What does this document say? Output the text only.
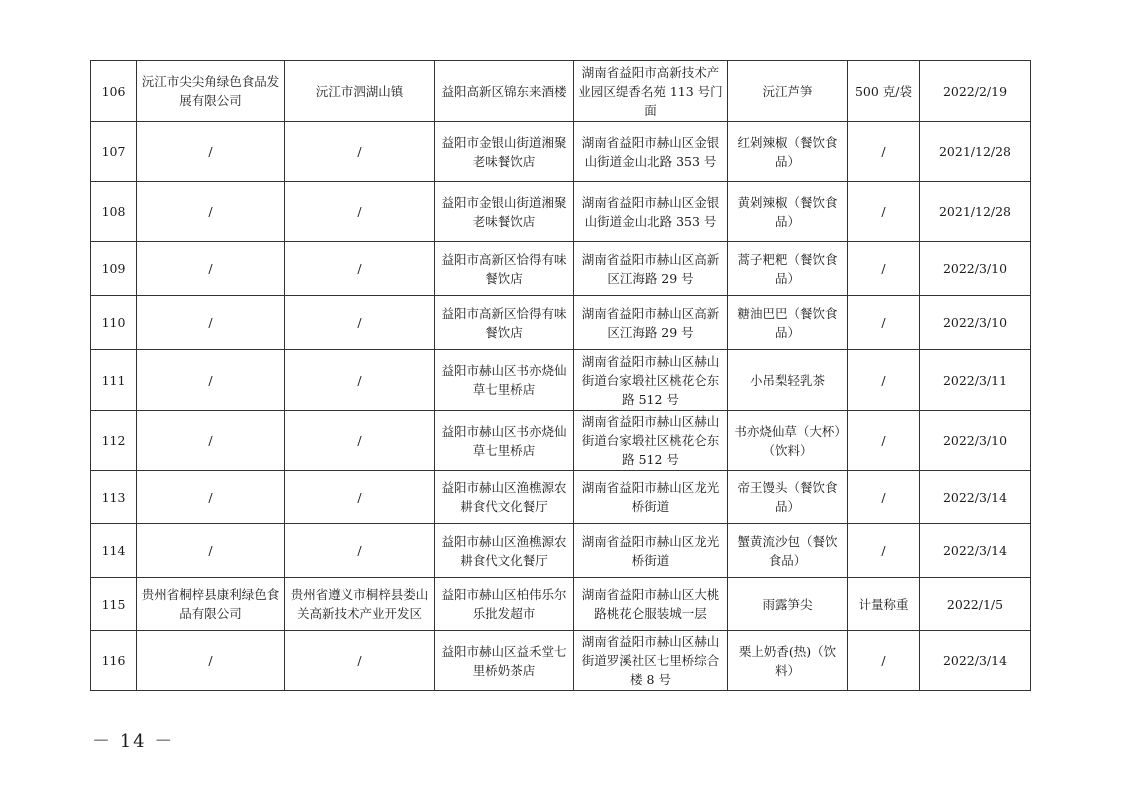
106	沅江市尖尖角绿色食品发展有限公司	沅江市泗湖山镇	益阳高新区锦东来酒楼	湖南省益阳市高新技术产业园区缇香名苑 113 号门面	沅江芦笋	500 克/袋	2022/2/19
107	/	/	益阳市金银山街道湘聚老味餐饮店	湖南省益阳市赫山区金银山街道金山北路 353 号	红剁辣椒（餐饮食品）	/	2021/12/28
108	/	/	益阳市金银山街道湘聚老味餐饮店	湖南省益阳市赫山区金银山街道金山北路 353 号	黄剁辣椒（餐饮食品）	/	2021/12/28
109	/	/	益阳市高新区恰得有味餐饮店	湖南省益阳市赫山区高新区江海路 29 号	蒿子粑粑（餐饮食品）	/	2022/3/10
110	/	/	益阳市高新区恰得有味餐饮店	湖南省益阳市赫山区高新区江海路 29 号	糖油巴巴（餐饮食品）	/	2022/3/10
111	/	/	益阳市赫山区书亦烧仙草七里桥店	湖南省益阳市赫山区赫山街道台家塅社区桃花仑东路 512 号	小吊梨轻乳茶	/	2022/3/11
112	/	/	益阳市赫山区书亦烧仙草七里桥店	湖南省益阳市赫山区赫山街道台家塅社区桃花仑东路 512 号	书亦烧仙草（大杯）（饮料）	/	2022/3/10
113	/	/	益阳市赫山区渔樵源农耕食代文化餐厅	湖南省益阳市赫山区龙光桥街道	帝王馒头（餐饮食品）	/	2022/3/14
114	/	/	益阳市赫山区渔樵源农耕食代文化餐厅	湖南省益阳市赫山区龙光桥街道	蟹黄流沙包（餐饮食品）	/	2022/3/14
115	贵州省桐梓县康利绿色食品有限公司	贵州省遵义市桐梓县娄山关高新技术产业开发区	益阳市赫山区柏伟乐尔乐批发超市	湖南省益阳市赫山区大桃路桃花仑服装城一层	雨露笋尖	计量称重	2022/1/5
116	/	/	益阳市赫山区益禾堂七里桥奶茶店	湖南省益阳市赫山区赫山街道罗溪社区七里桥综合楼 8 号	栗上奶香(热)（饮料）	/	2022/3/14
－ 14 －
